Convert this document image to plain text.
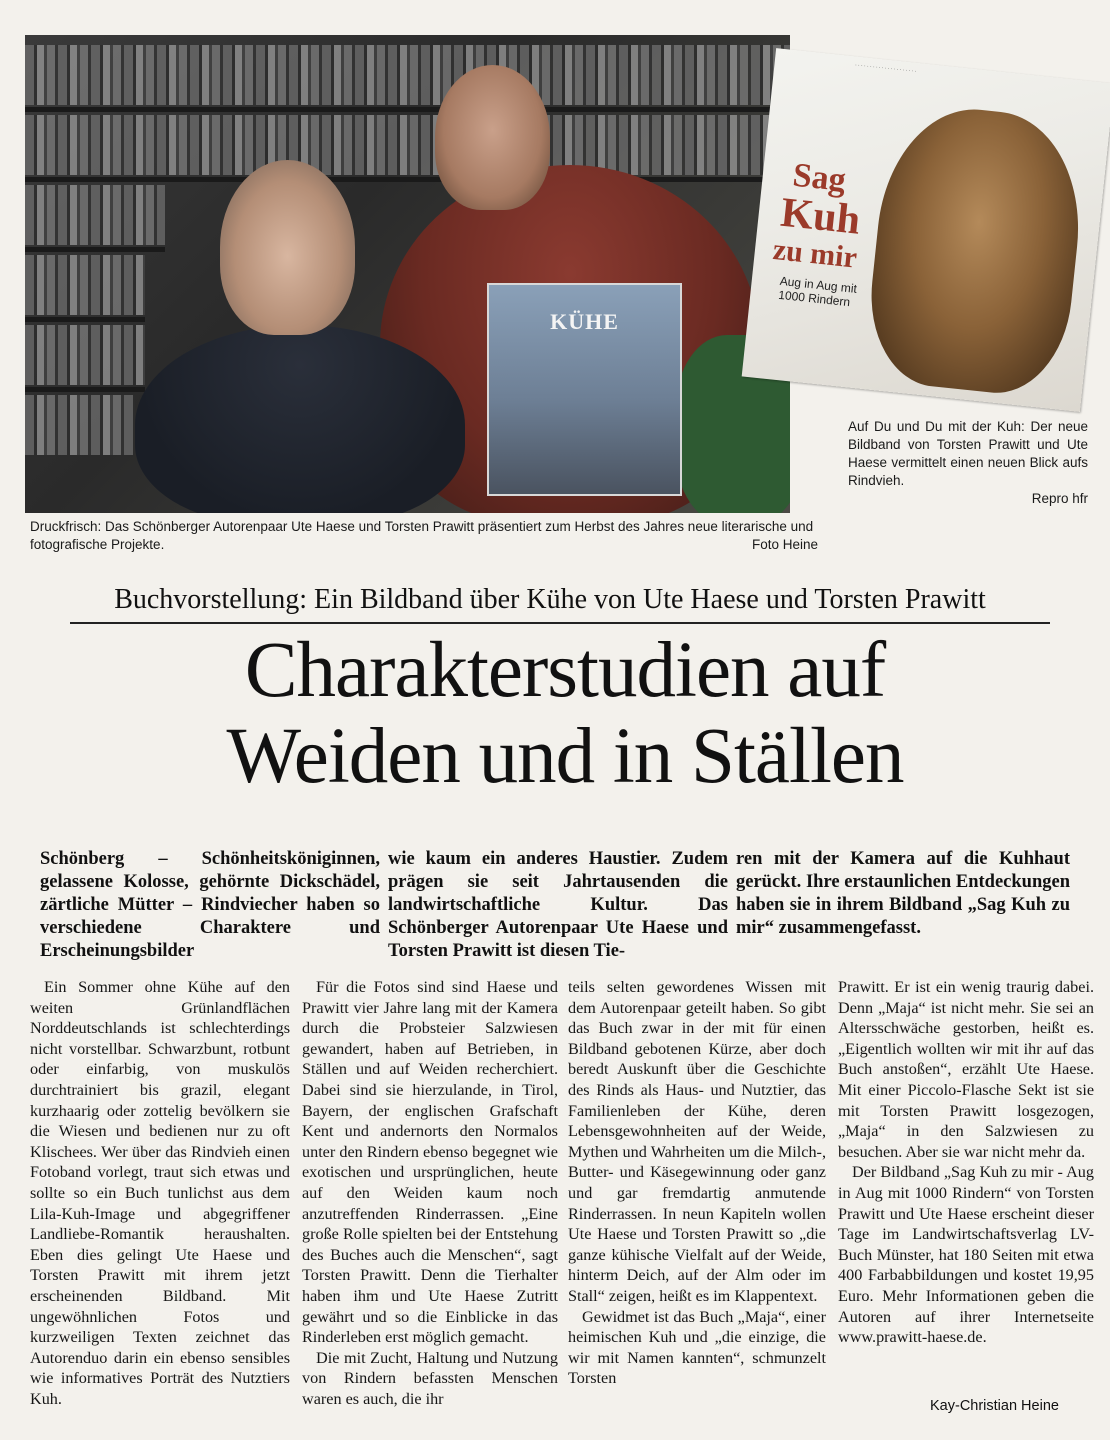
KÜHE
·····················
Sag
Kuh
zu mir
Aug in Aug mit 1000 Rindern
Druckfrisch: Das Schönberger Autorenpaar Ute Haese und Torsten Prawitt präsentiert zum Herbst des Jahres neue literarische und fotografische Projekte.	Foto Heine
Auf Du und Du mit der Kuh: Der neue Bildband von Torsten Prawitt und Ute Haese vermittelt einen neuen Blick aufs Rindvieh.
Repro hfr
Buchvorstellung: Ein Bildband über Kühe von Ute Haese und Torsten Prawitt
Charakterstudien auf
Weiden und in Ställen
Schönberg – Schönheitsköniginnen, gelassene Kolosse, gehörnte Dickschädel, zärtliche Mütter – Rindviecher haben so verschiedene Charaktere und Erscheinungsbilder
wie kaum ein anderes Haustier. Zudem prägen sie seit Jahrtausenden die landwirtschaftliche Kultur. Das Schönberger Autorenpaar Ute Haese und Torsten Prawitt ist diesen Tie-
ren mit der Kamera auf die Kuhhaut gerückt. Ihre erstaunlichen Entdeckungen haben sie in ihrem Bildband „Sag Kuh zu mir“ zusammengefasst.

Ein Sommer ohne Kühe auf den weiten Grünlandflächen Norddeutschlands ist schlechterdings nicht vorstellbar. Schwarzbunt, rotbunt oder einfarbig, von muskulös durchtrainiert bis grazil, elegant kurzhaarig oder zottelig bevölkern sie die Wiesen und bedienen nur zu oft Klischees. Wer über das Rindvieh einen Fotoband vorlegt, traut sich etwas und sollte so ein Buch tunlichst aus dem Lila-Kuh-Image und abgegriffener Landliebe-Romantik heraushalten. Eben dies gelingt Ute Haese und Torsten Prawitt mit ihrem jetzt erscheinenden Bildband. Mit ungewöhnlichen Fotos und kurzweiligen Texten zeichnet das Autorenduo darin ein ebenso sensibles wie informatives Porträt des Nutztiers Kuh.

Für die Fotos sind sind Haese und Prawitt vier Jahre lang mit der Kamera durch die Probsteier Salzwiesen gewandert, haben auf Betrieben, in Ställen und auf Weiden recherchiert. Dabei sind sie hierzulande, in Tirol, Bayern, der englischen Grafschaft Kent und andernorts den Normalos unter den Rindern ebenso begegnet wie exotischen und ursprünglichen, heute auf den Weiden kaum noch anzutreffenden Rinderrassen. „Eine große Rolle spielten bei der Entstehung des Buches auch die Menschen“, sagt Torsten Prawitt. Denn die Tierhalter haben ihm und Ute Haese Zutritt gewährt und so die Einblicke in das Rinderleben erst möglich gemacht.

Die mit Zucht, Haltung und Nutzung von Rindern befassten Menschen waren es auch, die ihr

teils selten gewordenes Wissen mit dem Autorenpaar geteilt haben. So gibt das Buch zwar in der mit für einen Bildband gebotenen Kürze, aber doch beredt Auskunft über die Geschichte des Rinds als Haus- und Nutztier, das Familienleben der Kühe, deren Lebensgewohnheiten auf der Weide, Mythen und Wahrheiten um die Milch-, Butter- und Käsegewinnung oder ganz und gar fremdartig anmutende Rinderrassen. In neun Kapiteln wollen Ute Haese und Torsten Prawitt so „die ganze kühische Vielfalt auf der Weide, hinterm Deich, auf der Alm oder im Stall“ zeigen, heißt es im Klappentext.

Gewidmet ist das Buch „Maja“, einer heimischen Kuh und „die einzige, die wir mit Namen kannten“, schmunzelt Torsten

Prawitt. Er ist ein wenig traurig dabei. Denn „Maja“ ist nicht mehr. Sie sei an Altersschwäche gestorben, heißt es. „Eigentlich wollten wir mit ihr auf das Buch anstoßen“, erzählt Ute Haese. Mit einer Piccolo-Flasche Sekt ist sie mit Torsten Prawitt losgezogen, „Maja“ in den Salzwiesen zu besuchen. Aber sie war nicht mehr da.

Der Bildband „Sag Kuh zu mir - Aug in Aug mit 1000 Rindern“ von Torsten Prawitt und Ute Haese erscheint dieser Tage im Landwirtschaftsverlag LV-Buch Münster, hat 180 Seiten mit etwa 400 Farbabbildungen und kostet 19,95 Euro. Mehr Informationen geben die Autoren auf ihrer Internetseite www.prawitt-haese.de.

Kay-Christian Heine
